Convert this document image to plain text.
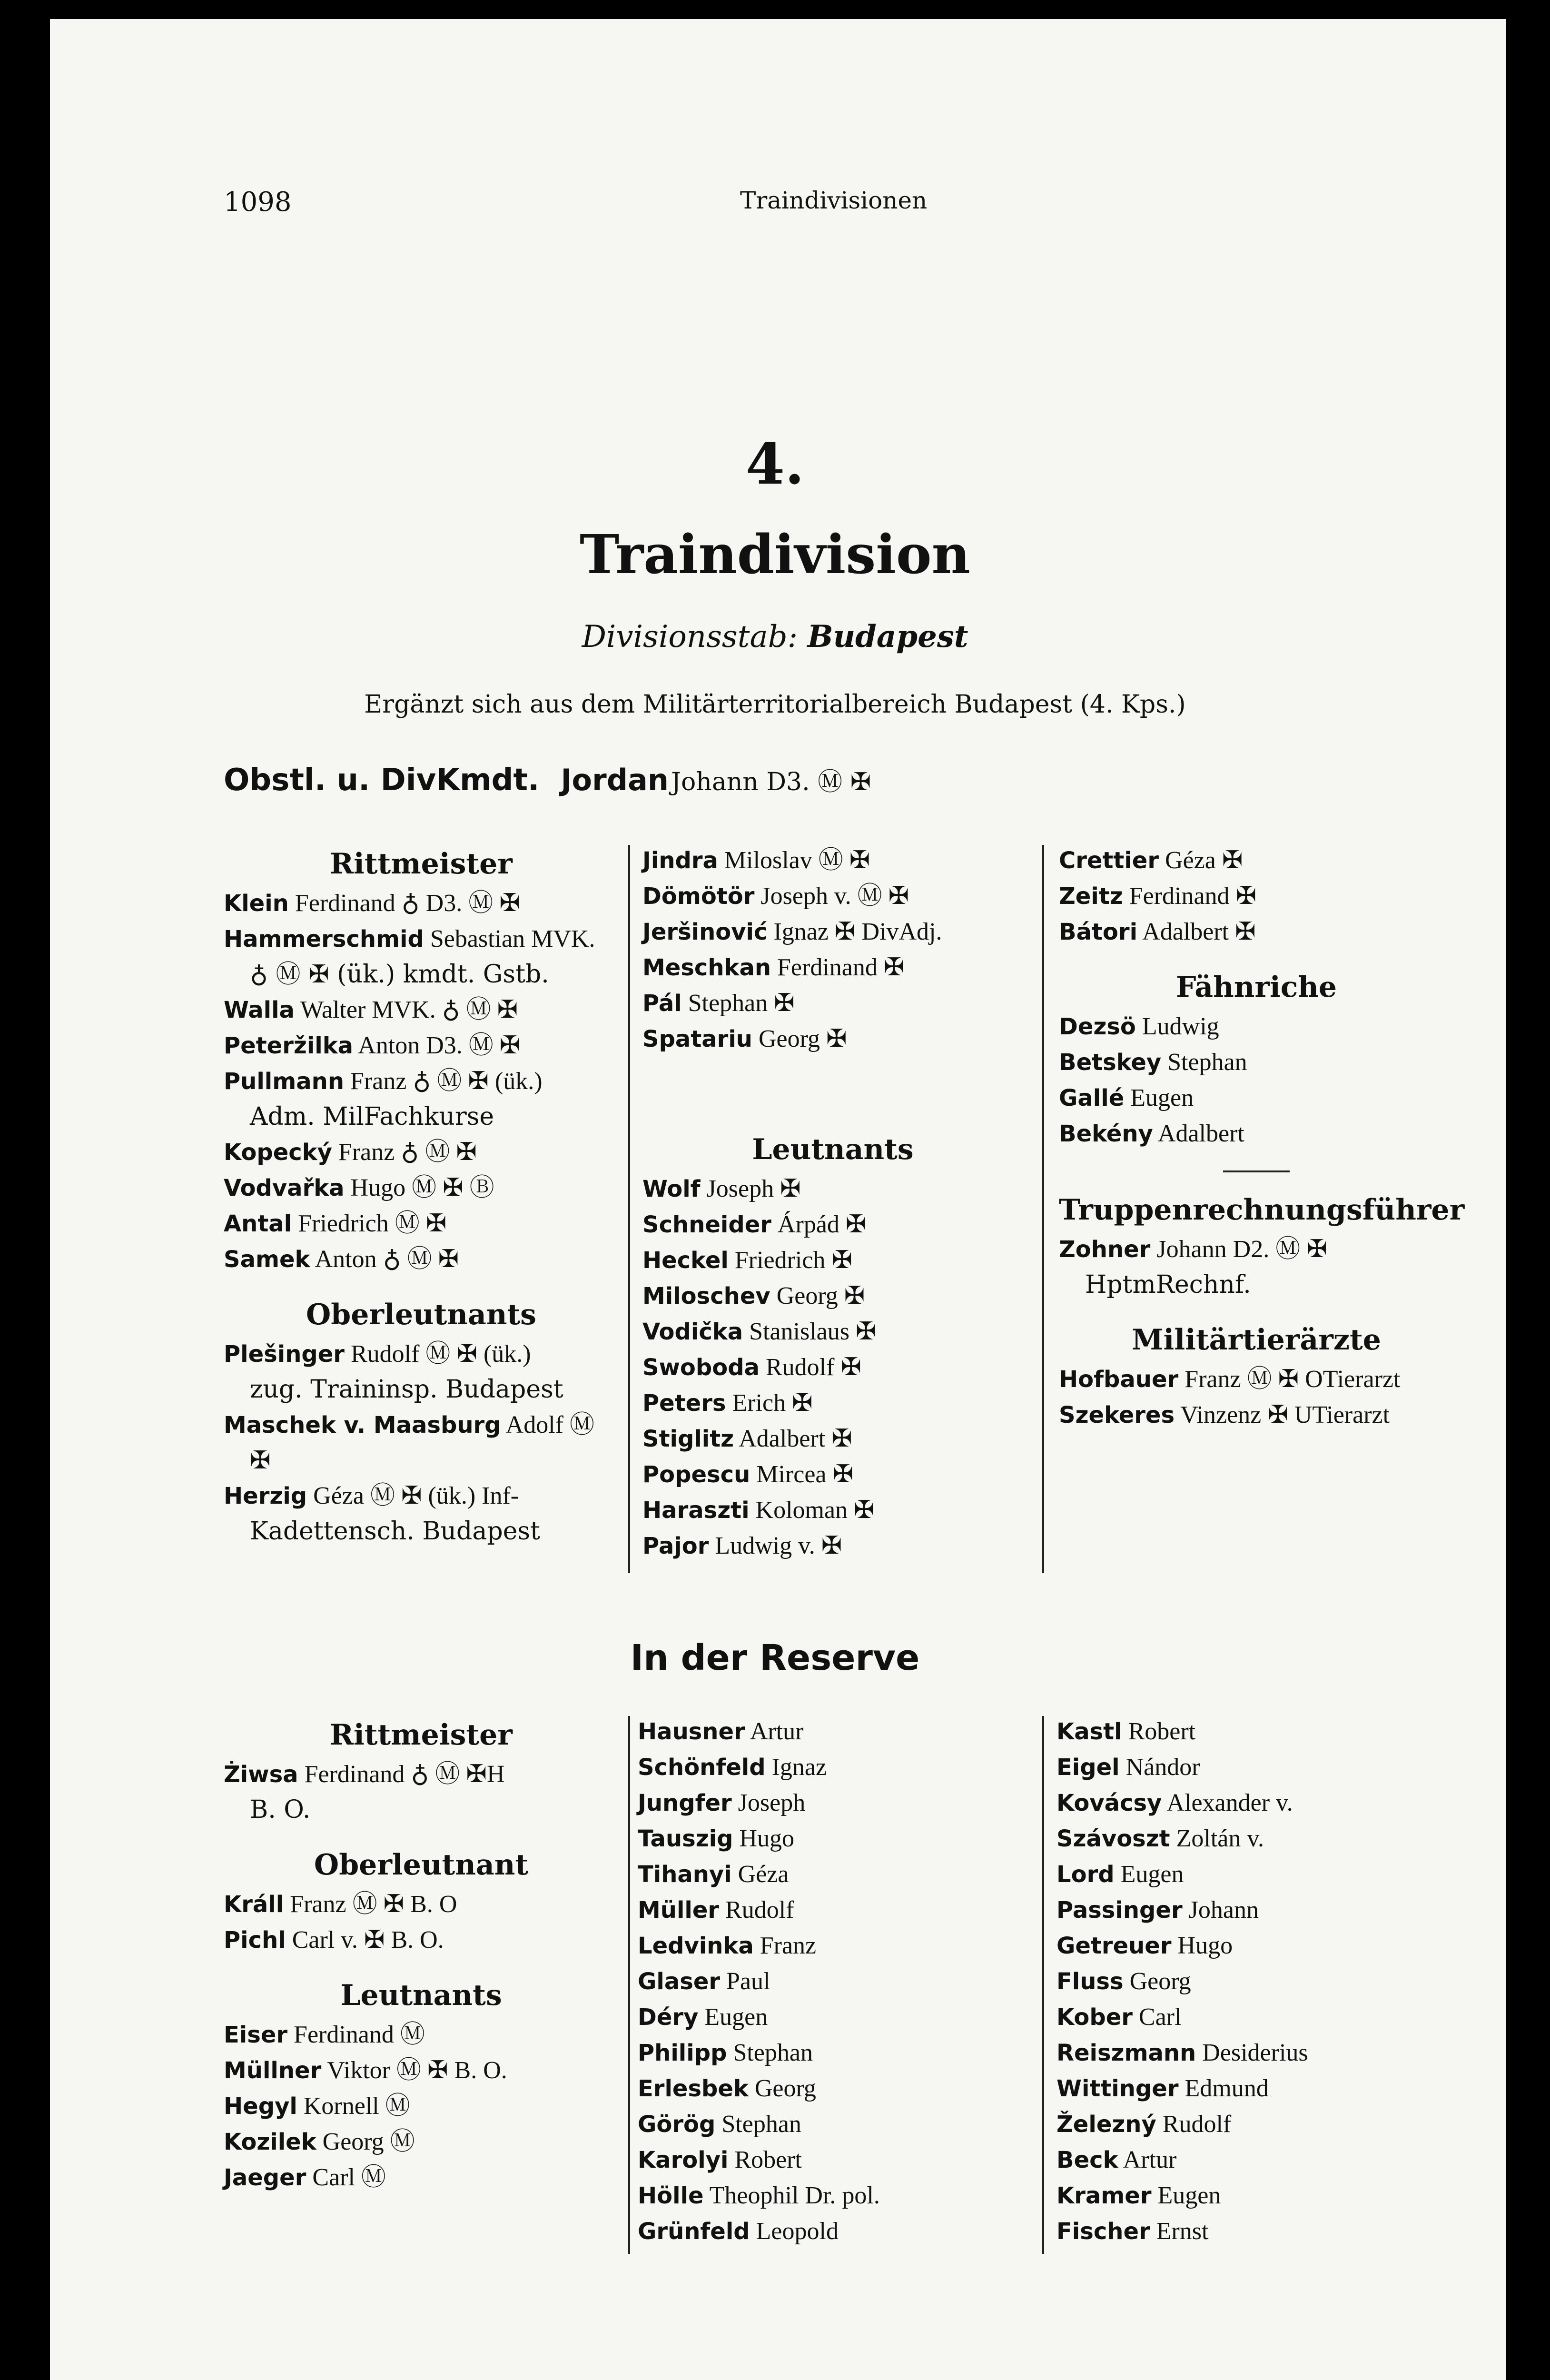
1098	Traindivisionen
4.
Traindivision
Divisionsstab: Budapest
Ergänzt sich aus dem Militärterritorialbereich Budapest (4. Kps.)
Obstl. u. DivKmdt. Jordan Johann D3. Ⓜ ✠
Rittmeister
Klein Ferdinand ♁ D3. Ⓜ ✠
Hammerschmid Sebastian MVK.
♁ Ⓜ ✠ (ük.) kmdt. Gstb.
Walla Walter MVK. ♁ Ⓜ ✠
Peteržilka Anton D3. Ⓜ ✠
Pullmann Franz ♁ Ⓜ ✠ (ük.)
Adm. MilFachkurse
Kopecký Franz ♁ Ⓜ ✠
Vodvařka Hugo Ⓜ ✠ Ⓑ
Antal Friedrich Ⓜ ✠
Samek Anton ♁ Ⓜ ✠
Oberleutnants
Plešinger Rudolf Ⓜ ✠ (ük.)
zug. Traininsp. Budapest
Maschek v. Maasburg Adolf Ⓜ
✠
Herzig Géza Ⓜ ✠ (ük.) Inf-
Kadettensch. Budapest
Jindra Miloslav Ⓜ ✠
Dömötör Joseph v. Ⓜ ✠
Jeršinović Ignaz ✠ DivAdj.
Meschkan Ferdinand ✠
Pál Stephan ✠
Spatariu Georg ✠
Leutnants
Wolf Joseph ✠
Schneider Árpád ✠
Heckel Friedrich ✠
Miloschev Georg ✠
Vodička Stanislaus ✠
Swoboda Rudolf ✠
Peters Erich ✠
Stiglitz Adalbert ✠
Popescu Mircea ✠
Haraszti Koloman ✠
Pajor Ludwig v. ✠
Crettier Géza ✠
Zeitz Ferdinand ✠
Bátori Adalbert ✠
Fähnriche
Dezsö Ludwig
Betskey Stephan
Gallé Eugen
Bekény Adalbert
Truppenrechnungsführer
Zohner Johann D2. Ⓜ ✠
HptmRechnf.
Militärtierärzte
Hofbauer Franz Ⓜ ✠ OTierarzt
Szekeres Vinzenz ✠ UTierarzt
In der Reserve
Rittmeister
Żiwsa Ferdinand ♁ Ⓜ ✠H
B. O.
Oberleutnant
Králl Franz Ⓜ ✠ B. O
Pichl Carl v. ✠ B. O.
Leutnants
Eiser Ferdinand Ⓜ
Müllner Viktor Ⓜ ✠ B. O.
Hegyl Kornell Ⓜ
Kozilek Georg Ⓜ
Jaeger Carl Ⓜ
Hausner Artur
Schönfeld Ignaz
Jungfer Joseph
Tauszig Hugo
Tihanyi Géza
Müller Rudolf
Ledvinka Franz
Glaser Paul
Déry Eugen
Philipp Stephan
Erlesbek Georg
Görög Stephan
Karolyi Robert
Hölle Theophil Dr. pol.
Grünfeld Leopold
Kastl Robert
Eigel Nándor
Kovácsy Alexander v.
Szávoszt Zoltán v.
Lord Eugen
Passinger Johann
Getreuer Hugo
Fluss Georg
Kober Carl
Reiszmann Desiderius
Wittinger Edmund
Železný Rudolf
Beck Artur
Kramer Eugen
Fischer Ernst
